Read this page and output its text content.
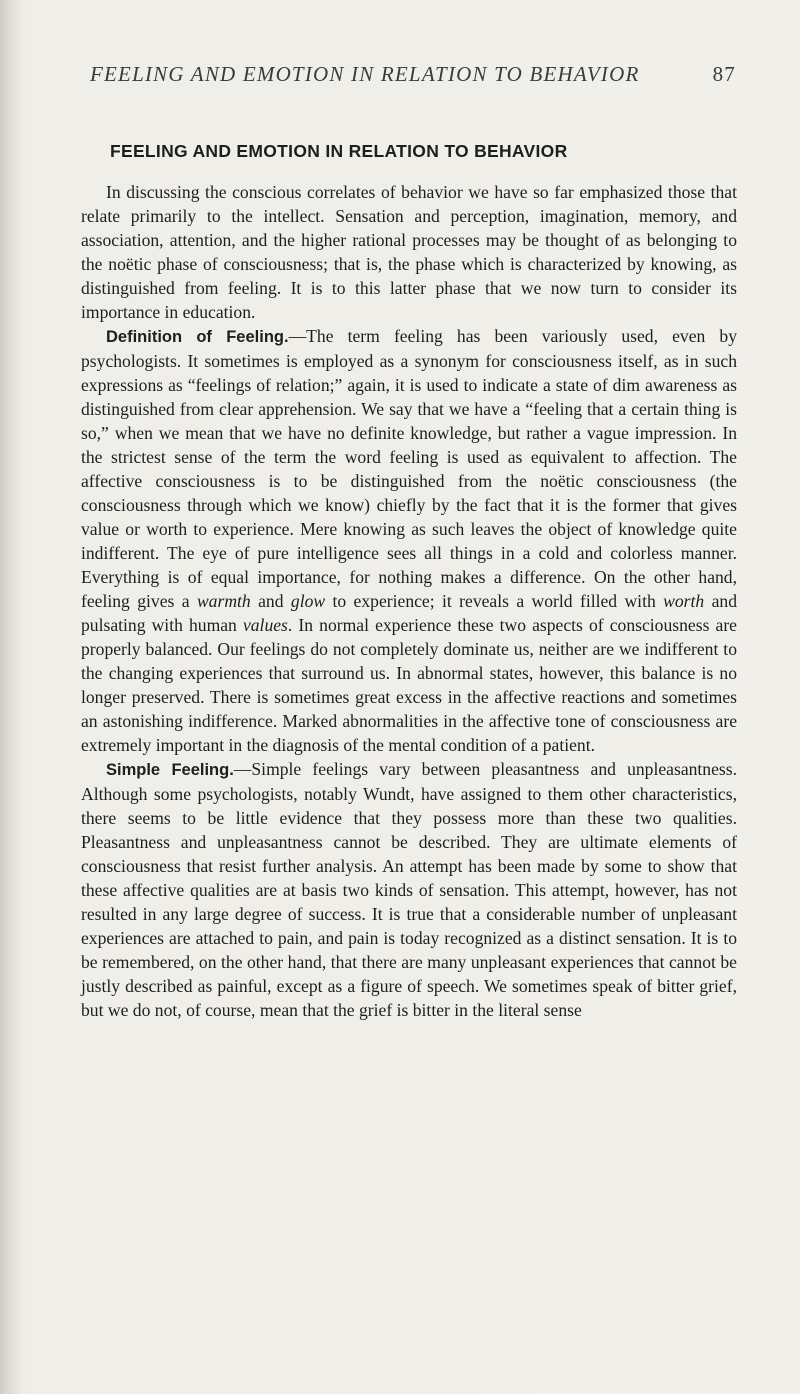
FEELING AND EMOTION IN RELATION TO BEHAVIOR	87
FEELING AND EMOTION IN RELATION TO BEHAVIOR

In discussing the conscious correlates of behavior we have so far emphasized those that relate primarily to the intellect. Sensation and perception, imagination, memory, and association, attention, and the higher rational processes may be thought of as belonging to the noëtic phase of consciousness; that is, the phase which is characterized by knowing, as distinguished from feeling. It is to this latter phase that we now turn to consider its importance in education.

Definition of Feeling.—The term feeling has been variously used, even by psychologists. It sometimes is employed as a synonym for consciousness itself, as in such expressions as “feelings of relation;” again, it is used to indicate a state of dim awareness as distinguished from clear apprehension. We say that we have a “feeling that a certain thing is so,” when we mean that we have no definite knowledge, but rather a vague impression. In the strictest sense of the term the word feeling is used as equivalent to affection. The affective consciousness is to be distinguished from the noëtic consciousness (the consciousness through which we know) chiefly by the fact that it is the former that gives value or worth to experience. Mere knowing as such leaves the object of knowledge quite indifferent. The eye of pure intelligence sees all things in a cold and colorless manner. Everything is of equal importance, for nothing makes a difference. On the other hand, feeling gives a warmth and glow to experience; it reveals a world filled with worth and pulsating with human values. In normal experience these two aspects of consciousness are properly balanced. Our feelings do not completely dominate us, neither are we indifferent to the changing experiences that surround us. In abnormal states, however, this balance is no longer preserved. There is sometimes great excess in the affective reactions and sometimes an astonishing indifference. Marked abnormalities in the affective tone of consciousness are extremely important in the diagnosis of the mental condition of a patient.

Simple Feeling.—Simple feelings vary between pleasantness and unpleasantness. Although some psychologists, notably Wundt, have assigned to them other characteristics, there seems to be little evidence that they possess more than these two qualities. Pleasantness and unpleasantness cannot be described. They are ultimate elements of consciousness that resist further analysis. An attempt has been made by some to show that these affective qualities are at basis two kinds of sensation. This attempt, however, has not resulted in any large degree of success. It is true that a considerable number of unpleasant experiences are attached to pain, and pain is today recognized as a distinct sensation. It is to be remembered, on the other hand, that there are many unpleasant experiences that cannot be justly described as painful, except as a figure of speech. We sometimes speak of bitter grief, but we do not, of course, mean that the grief is bitter in the literal sense
